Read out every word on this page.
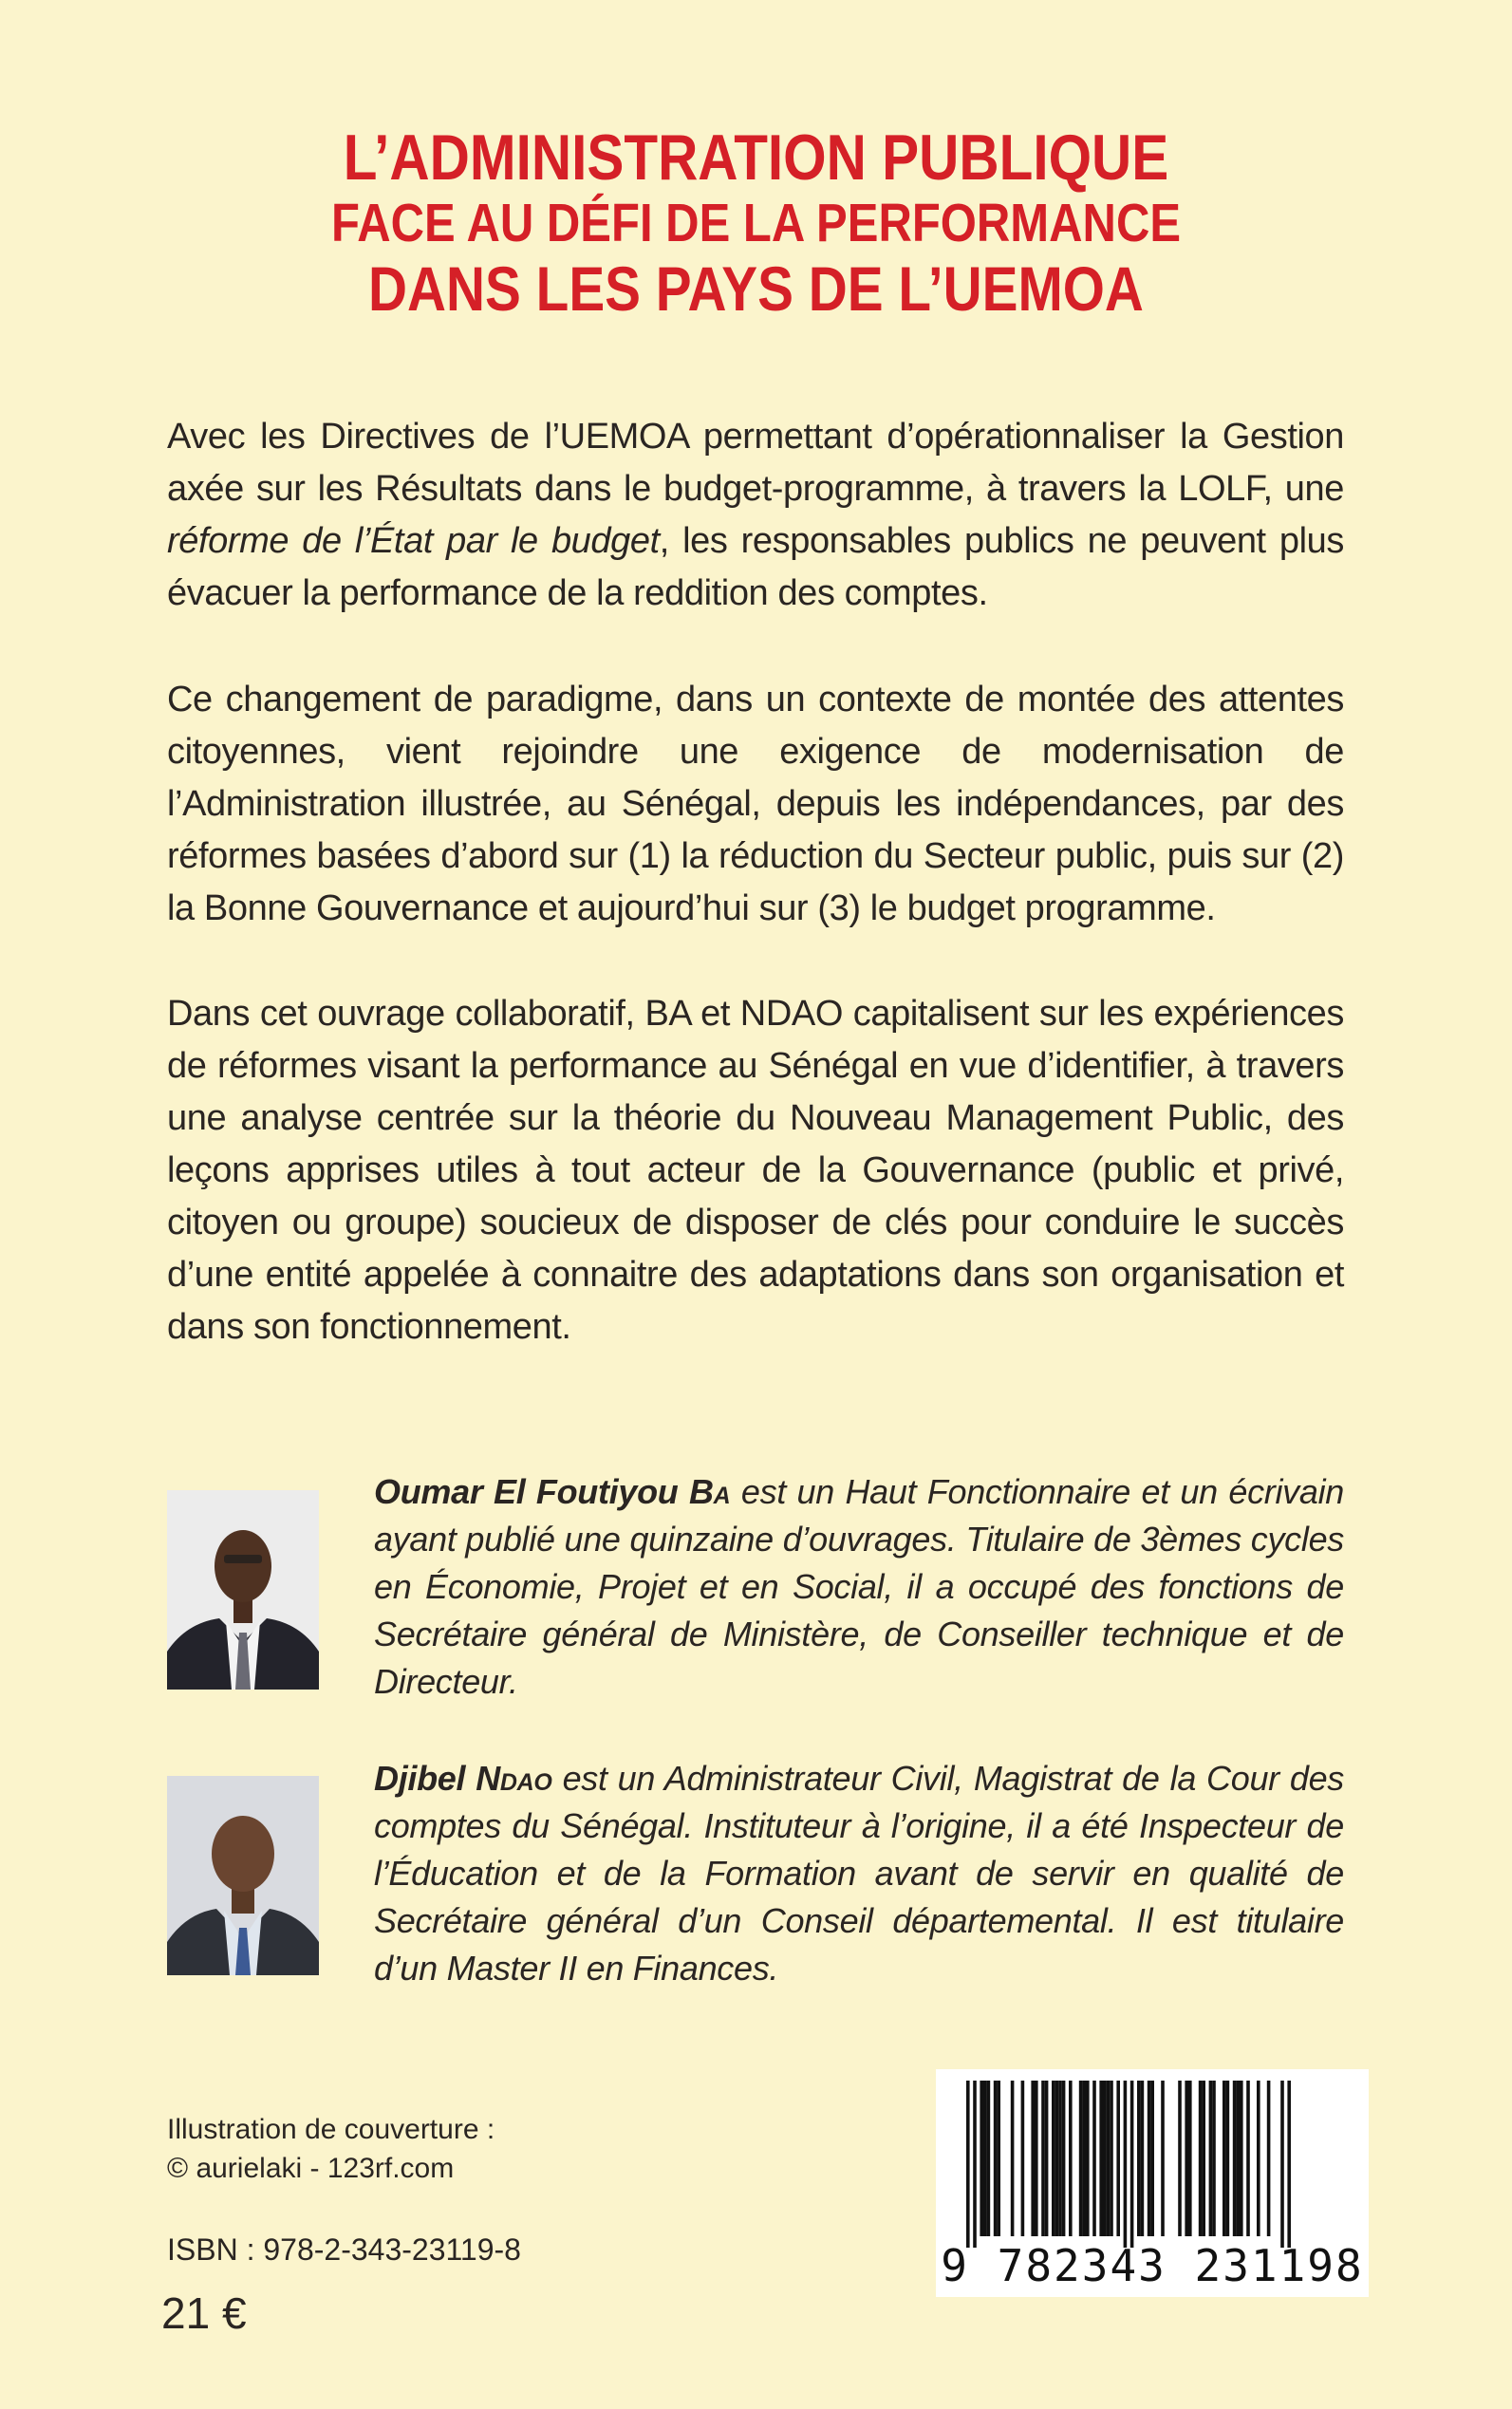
L’ADMINISTRATION PUBLIQUE
FACE AU DÉFI DE LA PERFORMANCE
DANS LES PAYS DE L’UEMOA

Avec les Directives de l’UEMOA permettant d’opérationnaliser la Gestion axée sur les Résultats dans le budget-programme, à travers la LOLF, une réforme de l’État par le budget, les responsables publics ne peuvent plus évacuer la performance de la reddition des comptes.

Ce changement de paradigme, dans un contexte de montée des attentes citoyennes, vient rejoindre une exigence de modernisation de l’Administration illustrée, au Sénégal, depuis les indépendances, par des réformes basées d’abord sur (1) la réduction du Secteur public, puis sur (2) la Bonne Gouvernance et aujourd’hui sur (3) le budget programme.

Dans cet ouvrage collaboratif, BA et NDAO capitalisent sur les expériences de réformes visant la performance au Sénégal en vue d’identifier, à travers une analyse centrée sur la théorie du Nouveau Management Public, des leçons apprises utiles à tout acteur de la Gouvernance (public et privé, citoyen ou groupe) soucieux de disposer de clés pour conduire le succès d’une entité appelée à connaitre des adaptations dans son organisation et dans son fonctionnement.

Oumar El Foutiyou Ba est un Haut Fonctionnaire et un écrivain ayant publié une quinzaine d’ouvrages. Titulaire de 3èmes cycles en Économie, Projet et en Social, il a occupé des fonctions de Secrétaire général de Ministère, de Conseiller technique et de Directeur.

Djibel Ndao est un Administrateur Civil, Magistrat de la Cour des comptes du Sénégal. Instituteur à l’origine, il a été Inspecteur de l’Éducation et de la Formation avant de servir en qualité de Secrétaire général d’un Conseil départemental. Il est titulaire d’un Master II en Finances.

Illustration de couverture :
© aurielaki - 123rf.com
ISBN : 978-2-343-23119-8
21 €
9 782343 231198
